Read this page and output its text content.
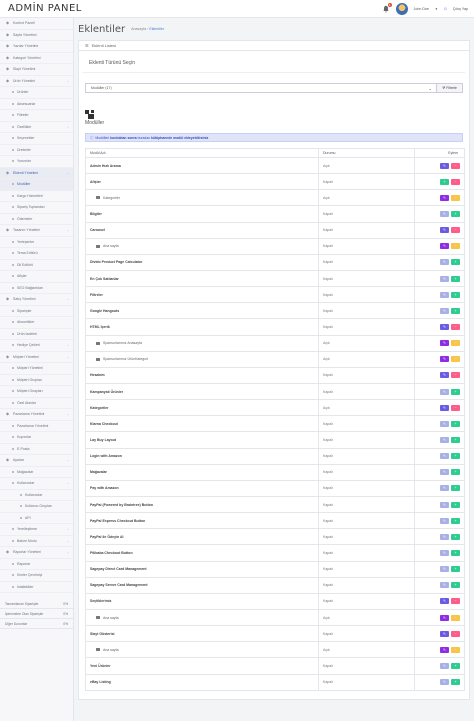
ADMİN PANEL	1
John Doe ▼ ⏻ Çıkış Yap
◆ Kontrol Paneli
◆ Sayfa Yönetimi
◆ Yazılar Yönetimi
◆ Kategori Yönetimi
◆ Slayt Yönetimi
◆ Ürün Yönetimi	⌄
Ürünler
Aksesuarlar
Filtreler
Özellikler	⌄
Seçenekler
Üreticiler
Yorumlar
◆ Eklenti Yönetimi	⌄
Modüller
Kargo Hizmetleri
Sipariş Toplamları
Ödemeler
◆ Tasarım Yönetimi	⌄
Yerleşimler
Tema Editörü
Dil Editörü
Afişler
SEO Bağlantıları
◆ Satış Yönetimi	⌄
Siparişler
Abonelikler
Ürün İadeleri
Hediye Çekleri	⌄
◆ Müşteri Yönetimi	⌄
Müşteri Yönetimi
Müşteri Grupları
Müşteri Onayları
Özel Alanlar
◆ Pazarlama Yönetimi	⌄
Pazarlama Yönetimi
Kuponlar
E-Posta
◆ Ayarlar	⌄
Mağazalar
Kullanıcılar	⌄
Kullanıcılar
Kullanıcı Grupları
API
Yerelleştirme	⌄
Bakım Modu	⌄
◆ Raporlar Yönetimi	⌄
Raporlar
Kimler Çevrimiçi
İstatistikler
Tamamlanan Siparişler	0%
İşlenmekte Olan Siparişler	0%
Diğer Durumlar	0%
Eklentiler Anasayfa › Eklentiler
☰ Eklenti Listesi
Eklenti Türünü Seçin
Modüller (17)	⌄	⧩ Filtrele
Modüller
ⓘ Modülleri
kurduktan sonra
buradan
kütüphanede modül ekleyebilirsiniz
Modül Adı	Durumu	Eylem
Admin Hızlı Arama	Açık	✎ −
Afişler	Kapalı	+ −
Kategoriler	Açık	✎ −
Bilgiler	Kapalı	✎ +
Carousel	Kapalı	✎ −
Ana sayfa	Kapalı	✎ −
Divido Product Page Calculator	Kapalı	✎ +
En Çok Satılanlar	Kapalı	✎ +
Filtreler	Kapalı	✎ +
Google Hangouts	Kapalı	✎ +
HTML İçerik	Kapalı	✎ −
Spansorlarımız Anasayfa	Açık	✎ −
Spansorlarımız ÜrünKategori	Açık	✎ −
Hesabım	Kapalı	✎ −
Kampanyalı Ürünler	Kapalı	✎ +
Kategoriler	Açık	✎ −
Klarna Checkout	Kapalı	✎ +
Lay Buy Layout	Kapalı	✎ +
Login with Amazon	Kapalı	✎ +
Mağazalar	Kapalı	✎ +
Pay with Amazon	Kapalı	✎ +
PayPal (Powered by Braintree) Button	Kapalı	✎ +
PayPal Express Checkout Button	Kapalı	✎ +
PayPal ile Ödeyin Al	Kapalı	✎ +
Pilibaba Checkout Button	Kapalı	✎ +
Sagepay Direct Card Management	Kapalı	✎ +
Sagepay Server Card Management	Kapalı	✎ +
Seçtiklerimiz	Kapalı	✎ −
Ana sayfa	Açık	✎ −
Slayt Gösterisi	Kapalı	✎ −
Ana sayfa	Açık	✎ −
Yeni Ürünler	Kapalı	✎ +
eBay Listing	Kapalı	✎ +
